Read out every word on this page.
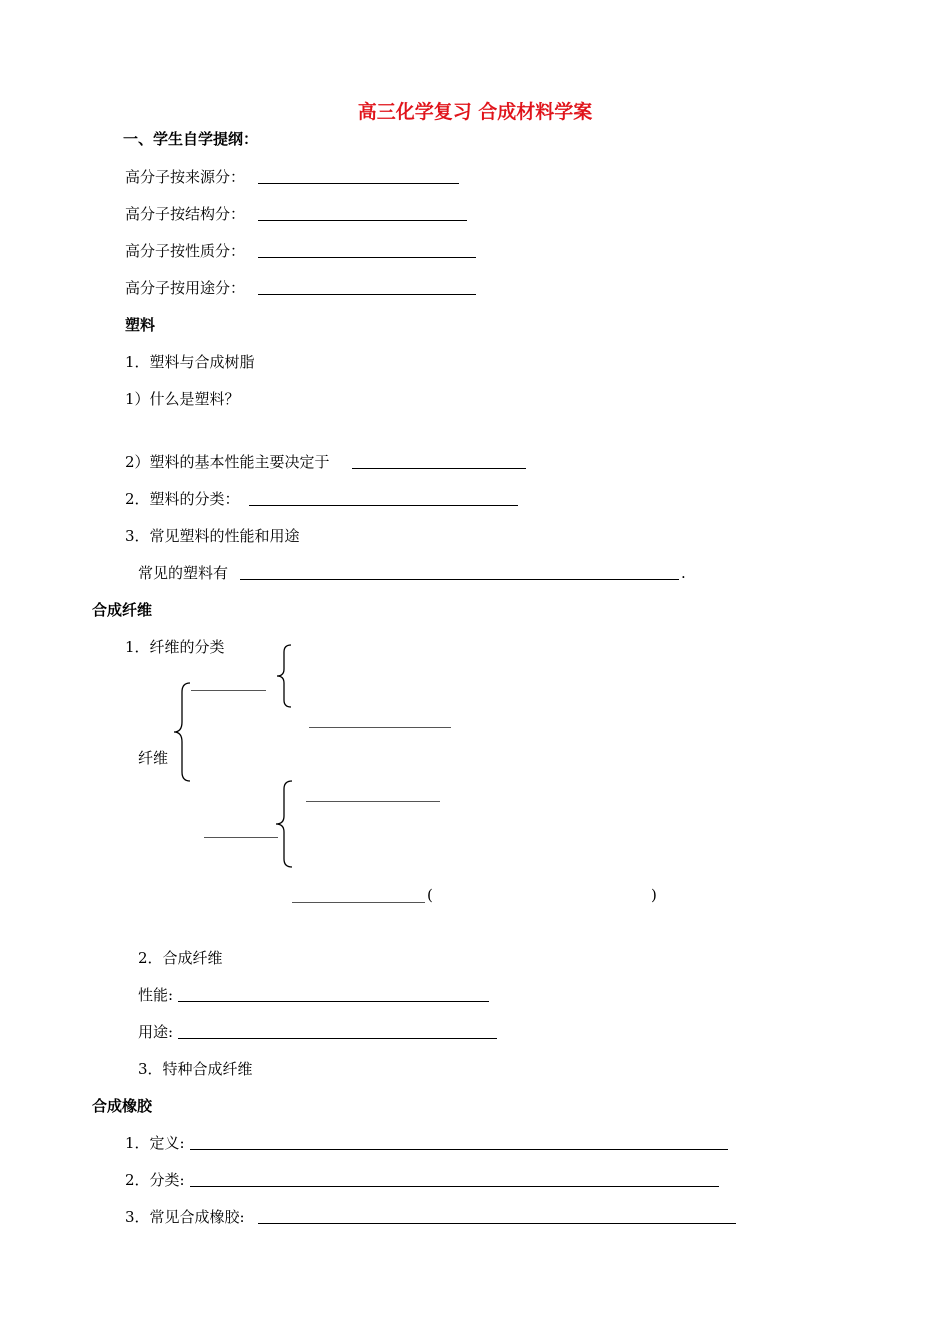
高三化学复习 合成材料学案
一、学生自学提纲：
高分子按来源分：
高分子按结构分：
高分子按性质分：
高分子按用途分：
塑料
1．塑料与合成树脂
1）什么是塑料？
2）塑料的基本性能主要决定于
2．塑料的分类：
3．常见塑料的性能和用途
常见的塑料有	.
合成纤维
1．纤维的分类
纤维
(	)
2．合成纤维
性能:
用途:
3．特种合成纤维
合成橡胶
1．定义:
2．分类:
3．常见合成橡胶:
